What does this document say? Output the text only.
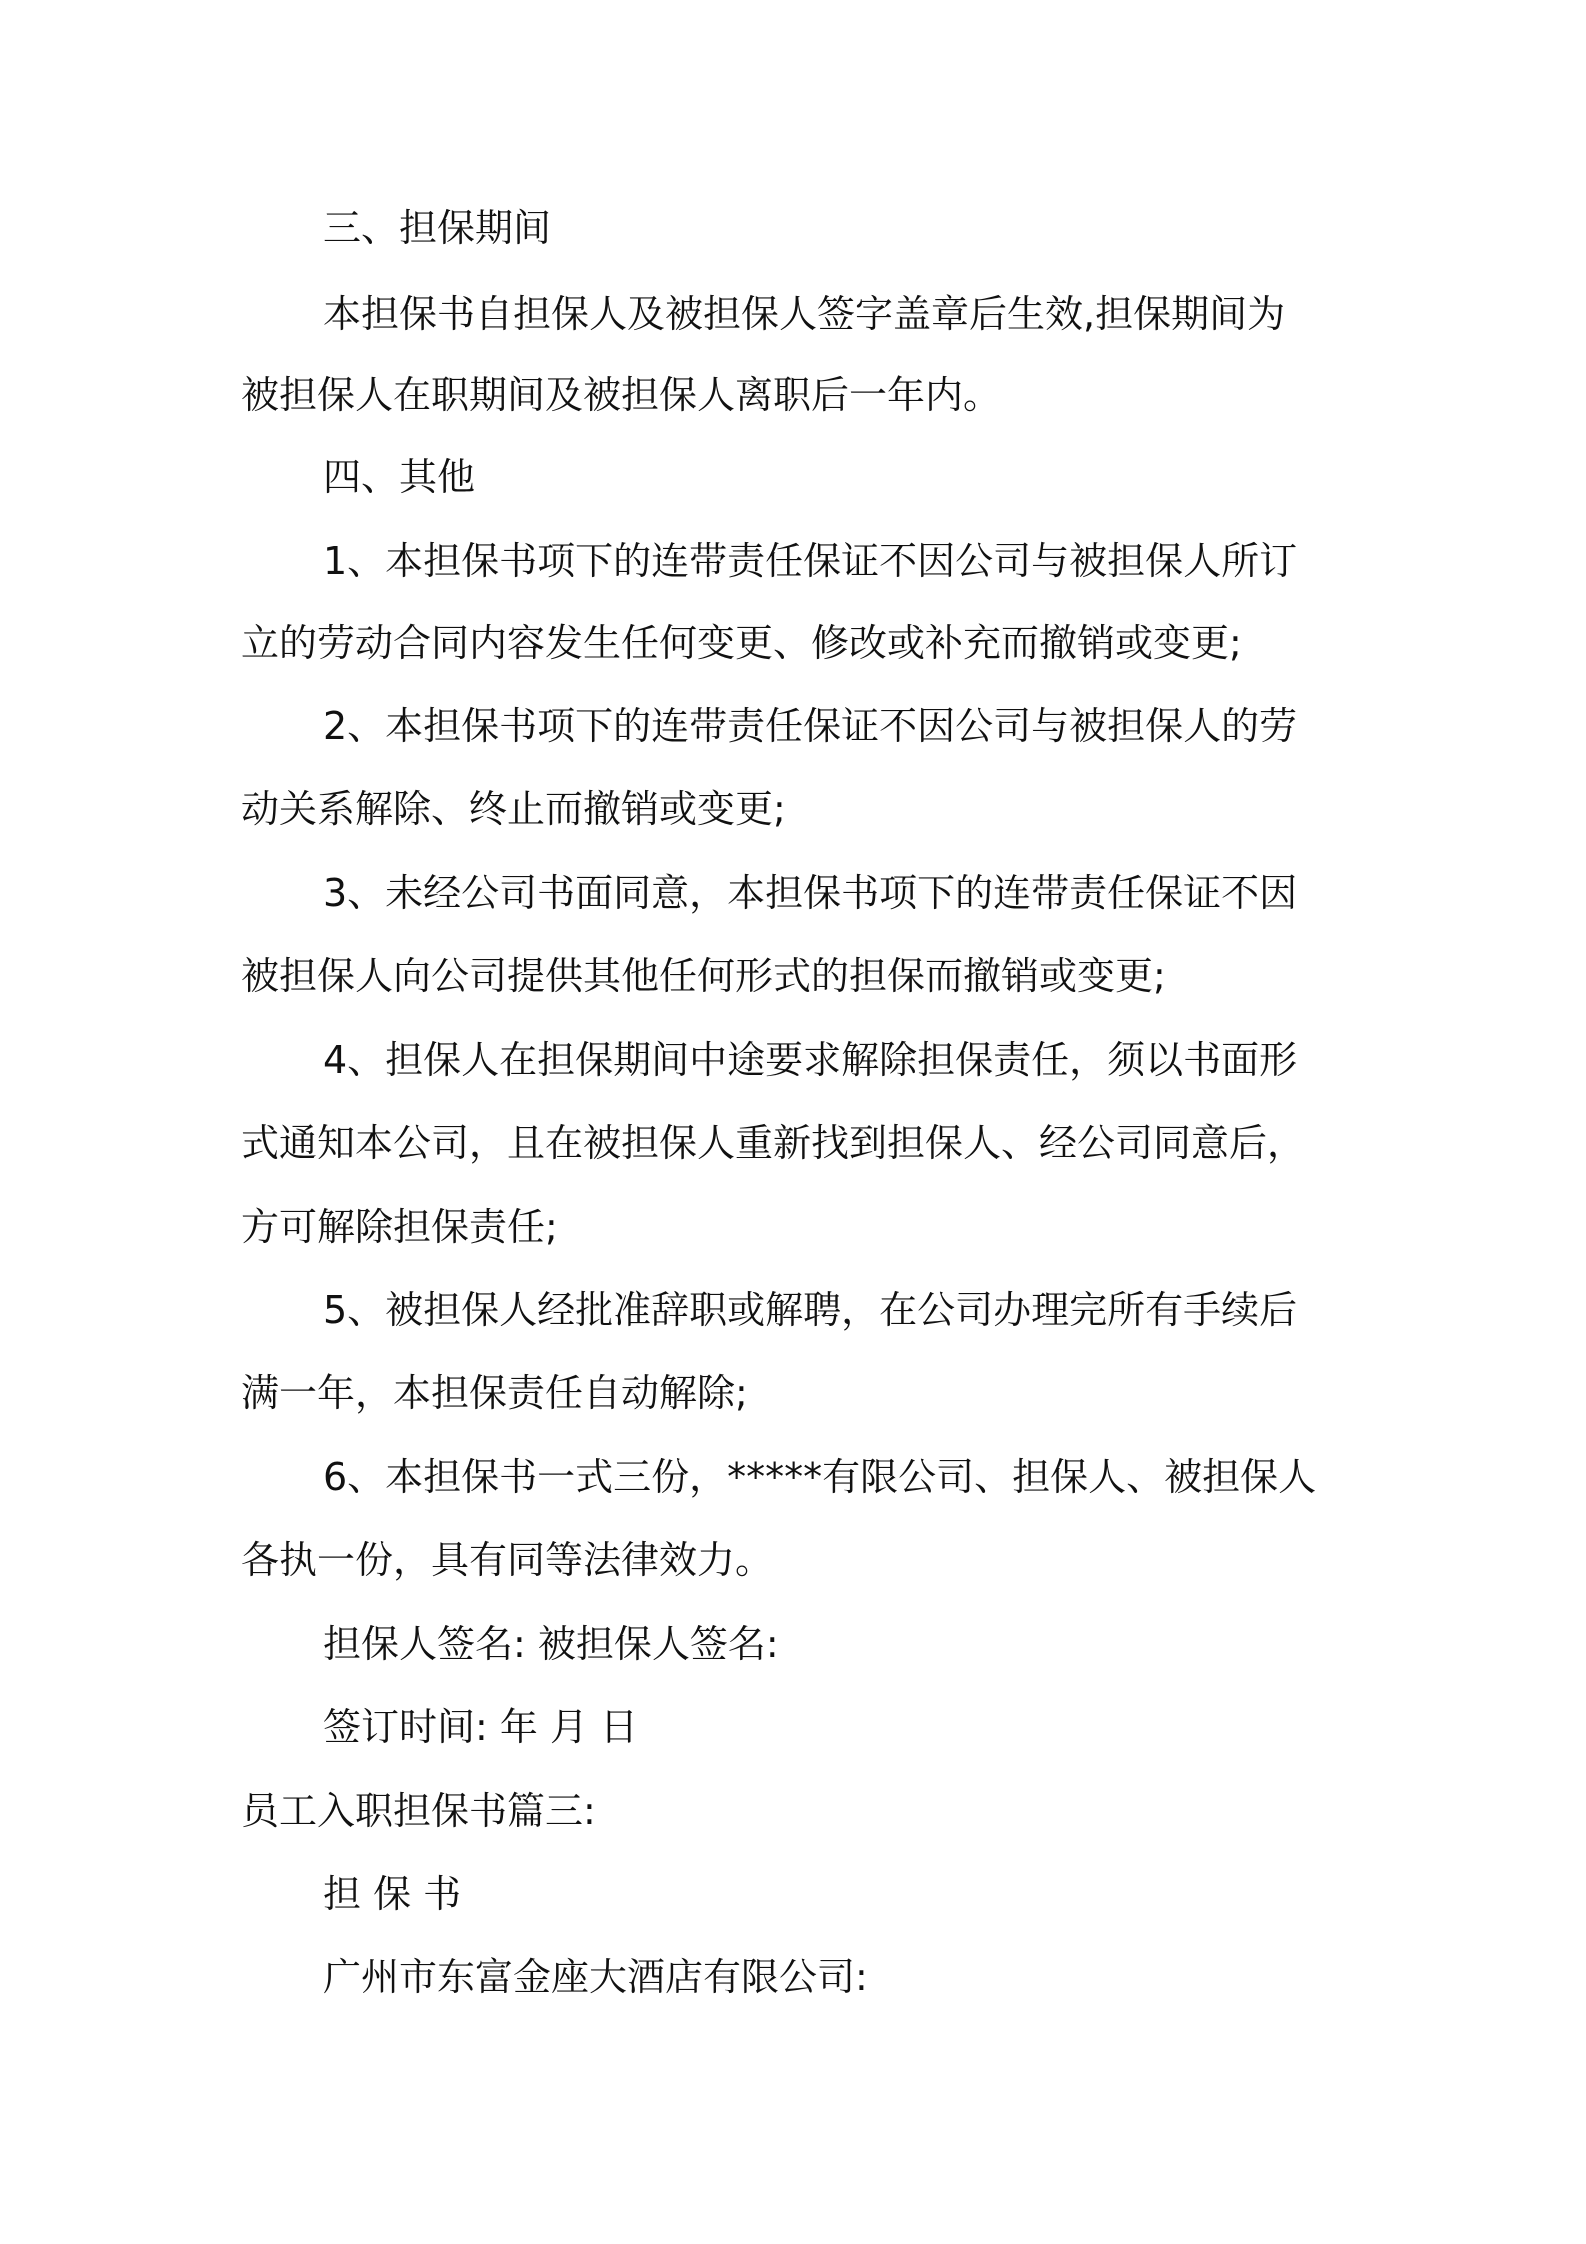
三、担保期间
本担保书自担保人及被担保人签字盖章后生效,担保期间为
被担保人在职期间及被担保人离职后一年内。
四、其他
1、本担保书项下的连带责任保证不因公司与被担保人所订
立的劳动合同内容发生任何变更、修改或补充而撤销或变更;
2、本担保书项下的连带责任保证不因公司与被担保人的劳
动关系解除、终止而撤销或变更;
3、未经公司书面同意，本担保书项下的连带责任保证不因
被担保人向公司提供其他任何形式的担保而撤销或变更;
4、担保人在担保期间中途要求解除担保责任，须以书面形
式通知本公司，且在被担保人重新找到担保人、经公司同意后，
方可解除担保责任;
5、被担保人经批准辞职或解聘，在公司办理完所有手续后
满一年，本担保责任自动解除;
6、本担保书一式三份，*****有限公司、担保人、被担保人
各执一份，具有同等法律效力。
担保人签名: 被担保人签名:
签订时间: 年 月 日
员工入职担保书篇三:
担 保 书
广州市东富金座大酒店有限公司:
